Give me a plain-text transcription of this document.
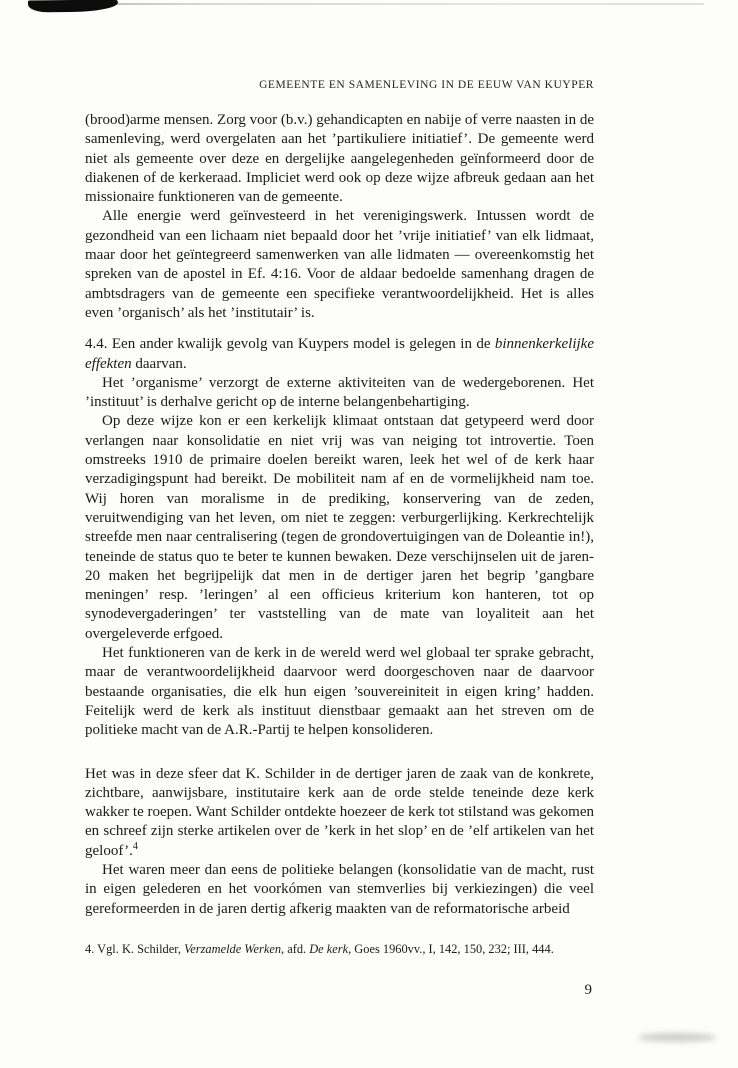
GEMEENTE EN SAMENLEVING IN DE EEUW VAN KUYPER

(brood)arme mensen. Zorg voor (b.v.) gehandicapten en nabije of verre naasten in de samenleving, werd overgelaten aan het ’partikuliere initiatief’. De gemeente werd niet als gemeente over deze en dergelijke aangelegenheden geïnformeerd door de diakenen of de kerkeraad. Impliciet werd ook op deze wijze afbreuk gedaan aan het missionaire funktioneren van de gemeente.

Alle energie werd geïnvesteerd in het verenigingswerk. Intussen wordt de gezondheid van een lichaam niet bepaald door het ’vrije initiatief’ van elk lidmaat, maar door het geïntegreerd samenwerken van alle lidmaten — overeenkomstig het spreken van de apostel in Ef. 4:16. Voor de aldaar bedoelde samenhang dragen de ambtsdragers van de gemeente een specifieke verantwoordelijkheid. Het is alles even ’organisch’ als het ’institutair’ is.

4.4. Een ander kwalijk gevolg van Kuypers model is gelegen in de binnenkerkelijke effekten daarvan.

Het ’organisme’ verzorgt de externe aktiviteiten van de wedergeborenen. Het ’instituut’ is derhalve gericht op de interne belangenbehartiging.

Op deze wijze kon er een kerkelijk klimaat ontstaan dat getypeerd werd door verlangen naar konsolidatie en niet vrij was van neiging tot introvertie. Toen omstreeks 1910 de primaire doelen bereikt waren, leek het wel of de kerk haar verzadigingspunt had bereikt. De mobiliteit nam af en de vormelijkheid nam toe. Wij horen van moralisme in de prediking, konservering van de zeden, veruitwendiging van het leven, om niet te zeggen: verburgerlijking. Kerkrechtelijk streefde men naar centralisering (tegen de grondovertuigingen van de Doleantie in!), teneinde de status quo te beter te kunnen bewaken. Deze verschijnselen uit de jaren-20 maken het begrijpelijk dat men in de dertiger jaren het begrip ’gangbare meningen’ resp. ’leringen’ al een officieus kriterium kon hanteren, tot op synodevergaderingen’ ter vaststelling van de mate van loyaliteit aan het overgeleverde erfgoed.

Het funktioneren van de kerk in de wereld werd wel globaal ter sprake gebracht, maar de verantwoordelijkheid daarvoor werd doorgeschoven naar de daarvoor bestaande organisaties, die elk hun eigen ’souvereiniteit in eigen kring’ hadden. Feitelijk werd de kerk als instituut dienstbaar gemaakt aan het streven om de politieke macht van de A.R.-Partij te helpen konsolideren.

Het was in deze sfeer dat K. Schilder in de dertiger jaren de zaak van de konkrete, zichtbare, aanwijsbare, institutaire kerk aan de orde stelde teneinde deze kerk wakker te roepen. Want Schilder ontdekte hoezeer de kerk tot stilstand was gekomen en schreef zijn sterke artikelen over de ’kerk in het slop’ en de ’elf artikelen van het geloof’.$^4$

Het waren meer dan eens de politieke belangen (konsolidatie van de macht, rust in eigen gelederen en het voorkómen van stemverlies bij verkiezingen) die veel gereformeerden in de jaren dertig afkerig maakten van de reformatorische arbeid

4. Vgl. K. Schilder, Verzamelde Werken, afd. De kerk, Goes 1960vv., I, 142, 150, 232; III, 444.
9
